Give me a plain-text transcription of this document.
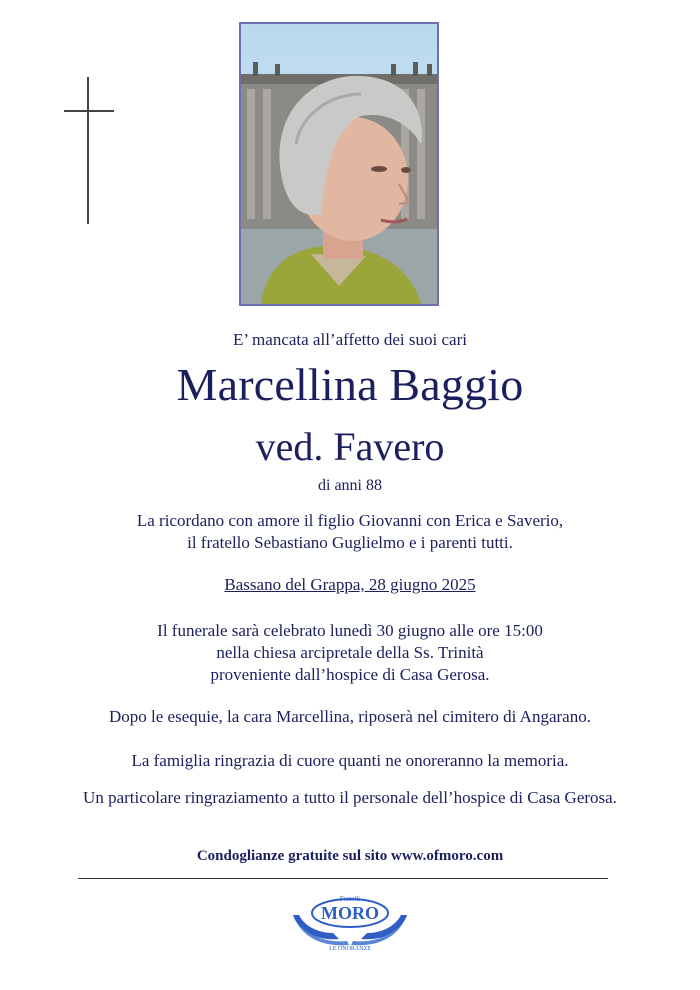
E’ mancata all’affetto dei suoi cari
Marcellina Baggio
ved. Favero
di anni 88
La ricordano con amore il figlio Giovanni con Erica e Saverio,
il fratello Sebastiano Guglielmo e i parenti tutti.
Bassano del Grappa, 28 giugno 2025
Il funerale sarà celebrato lunedì 30 giugno alle ore 15:00
nella chiesa arcipretale della Ss. Trinità
proveniente dall’hospice di Casa Gerosa.
Dopo le esequie, la cara Marcellina, riposerà nel cimitero di Angarano.
La famiglia ringrazia di cuore quanti ne onoreranno la memoria.
Un particolare ringraziamento a tutto il personale dell’hospice di Casa Gerosa.
Condoglianze gratuite sul sito www.ofmoro.com
Fratelli
MORO
LE ONORANZE
